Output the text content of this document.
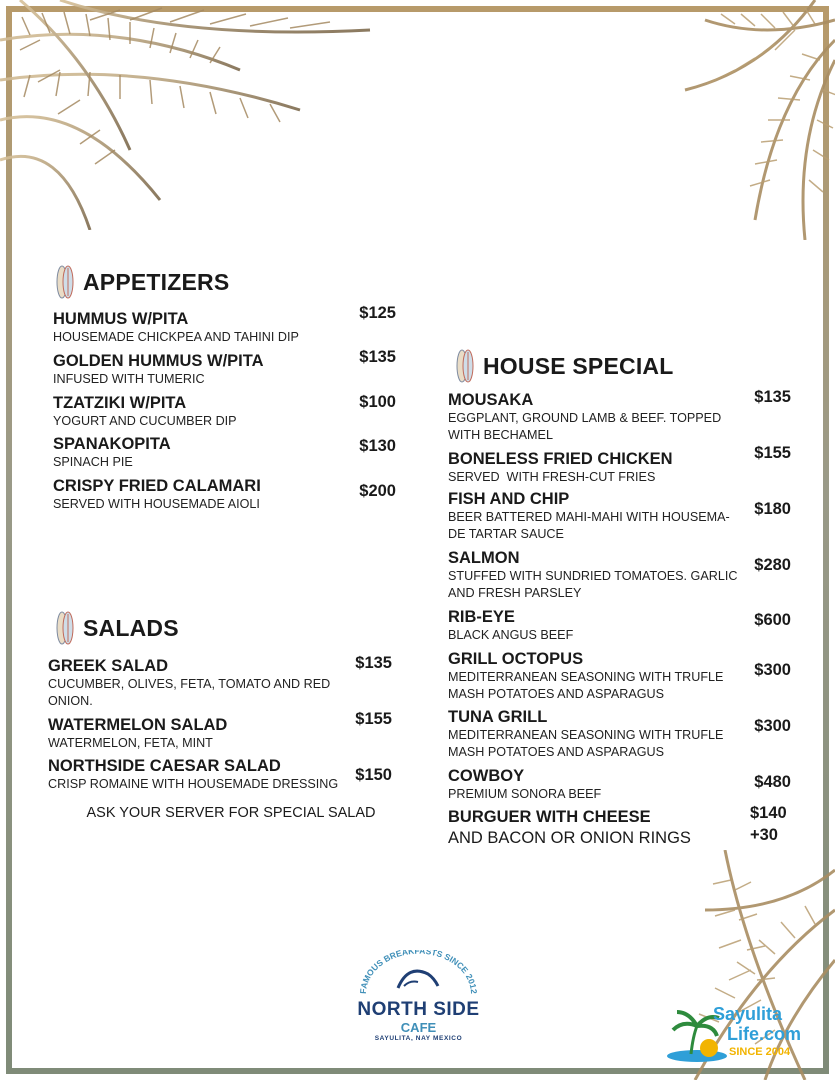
APPETIZERS
HUMMUS W/PITA
HOUSEMADE CHICKPEA AND TAHINI DIP
$125
GOLDEN HUMMUS W/PITA
INFUSED WITH TUMERIC
$135
TZATZIKI W/PITA
YOGURT AND CUCUMBER DIP
$100
SPANAKOPITA
SPINACH PIE
$130
CRISPY FRIED CALAMARI
SERVED WITH HOUSEMADE AIOLI
$200
SALADS
GREEK SALAD
CUCUMBER, OLIVES, FETA, TOMATO AND RED ONION.
$135
WATERMELON SALAD
WATERMELON, FETA, MINT
$155
NORTHSIDE CAESAR SALAD
CRISP ROMAINE WITH HOUSEMADE DRESSING	$150
ASK YOUR SERVER FOR SPECIAL SALAD
HOUSE SPECIAL
MOUSAKA
EGGPLANT, GROUND LAMB & BEEF. TOPPED WITH BECHAMEL
$135
BONELESS FRIED CHICKEN
SERVED  WITH FRESH-CUT FRIES
$155
FISH AND CHIP
BEER BATTERED MAHI-MAHI WITH HOUSEMA-DE TARTAR SAUCE
$180
SALMON
STUFFED WITH SUNDRIED TOMATOES. GARLIC AND FRESH PARSLEY
$280
RIB-EYE
BLACK ANGUS BEEF
$600
GRILL OCTOPUS
MEDITERRANEAN SEASONING WITH TRUFLE MASH POTATOES AND ASPARAGUS
$300
TUNA GRILL
MEDITERRANEAN SEASONING WITH TRUFLE MASH POTATOES AND ASPARAGUS
$300
COWBOY
PREMIUM SONORA BEEF
$480
BURGUER WITH CHEESE
AND BACON OR ONION RINGS
$140
+30
FAMOUS BREAKFASTS SINCE 2012
NORTH SIDE
CAFE
SAYULITA, NAY MEXICO
Sayulita
Life.com
SINCE 2004
